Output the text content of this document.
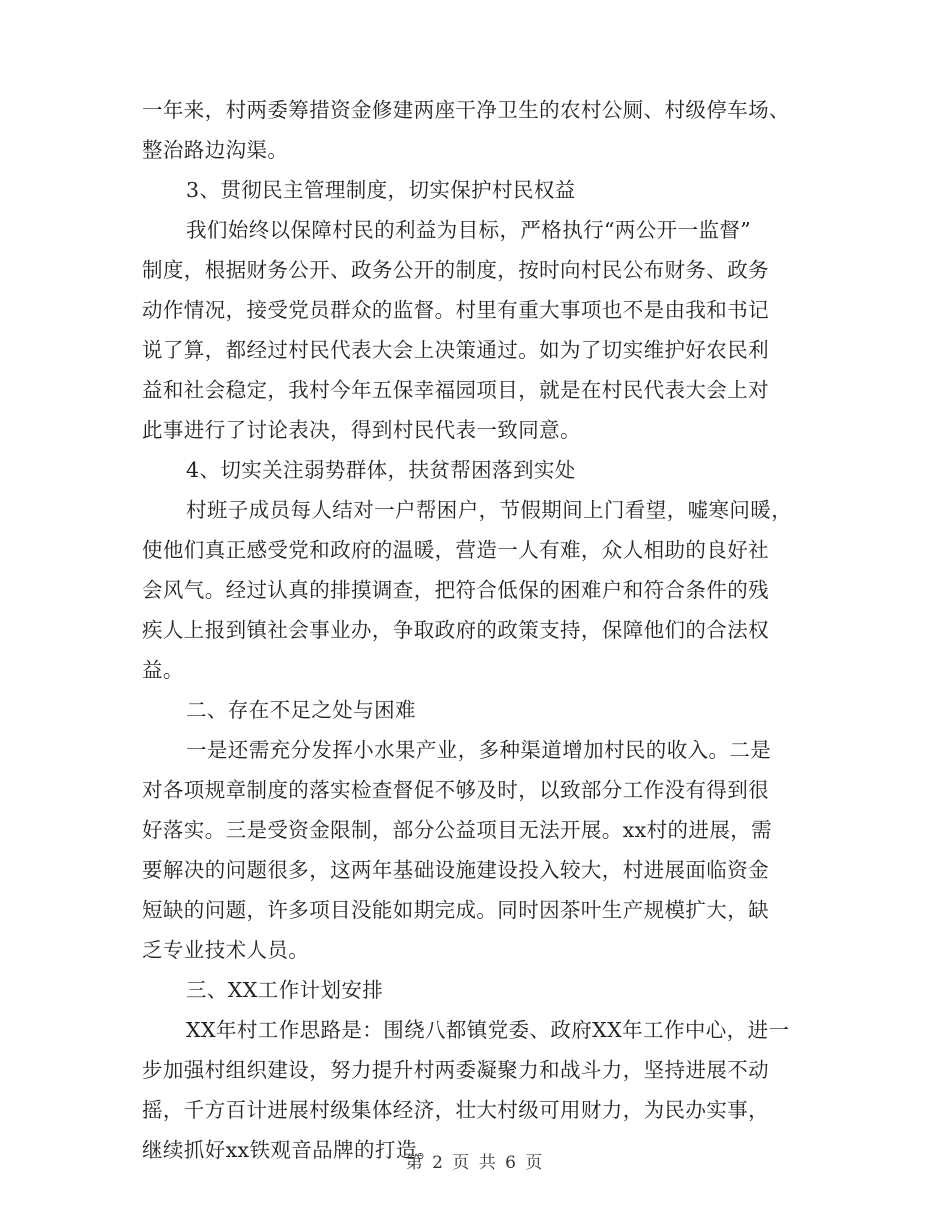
一年来，村两委筹措资金修建两座干净卫生的农村公厕、村级停车场、
整治路边沟渠。
3、贯彻民主管理制度，切实保护村民权益
我们始终以保障村民的利益为目标，严格执行“两公开一监督”
制度，根据财务公开、政务公开的制度，按时向村民公布财务、政务
动作情况，接受党员群众的监督。村里有重大事项也不是由我和书记
说了算，都经过村民代表大会上决策通过。如为了切实维护好农民利
益和社会稳定，我村今年五保幸福园项目，就是在村民代表大会上对
此事进行了讨论表决，得到村民代表一致同意。
4、切实关注弱势群体，扶贫帮困落到实处
村班子成员每人结对一户帮困户，节假期间上门看望，嘘寒问暖，
使他们真正感受党和政府的温暖，营造一人有难，众人相助的良好社
会风气。经过认真的排摸调查，把符合低保的困难户和符合条件的残
疾人上报到镇社会事业办，争取政府的政策支持，保障他们的合法权
益。
二、存在不足之处与困难
一是还需充分发挥小水果产业，多种渠道增加村民的收入。二是
对各项规章制度的落实检查督促不够及时，以致部分工作没有得到很
好落实。三是受资金限制，部分公益项目无法开展。xx村的进展，需
要解决的问题很多，这两年基础设施建设投入较大，村进展面临资金
短缺的问题，许多项目没能如期完成。同时因茶叶生产规模扩大，缺
乏专业技术人员。
三、XX工作计划安排
XX年村工作思路是：围绕八都镇党委、政府XX年工作中心，进一
步加强村组织建设，努力提升村两委凝聚力和战斗力，坚持进展不动
摇，千方百计进展村级集体经济，壮大村级可用财力，为民办实事，
继续抓好xx铁观音品牌的打造。
第 2 页 共 6 页
